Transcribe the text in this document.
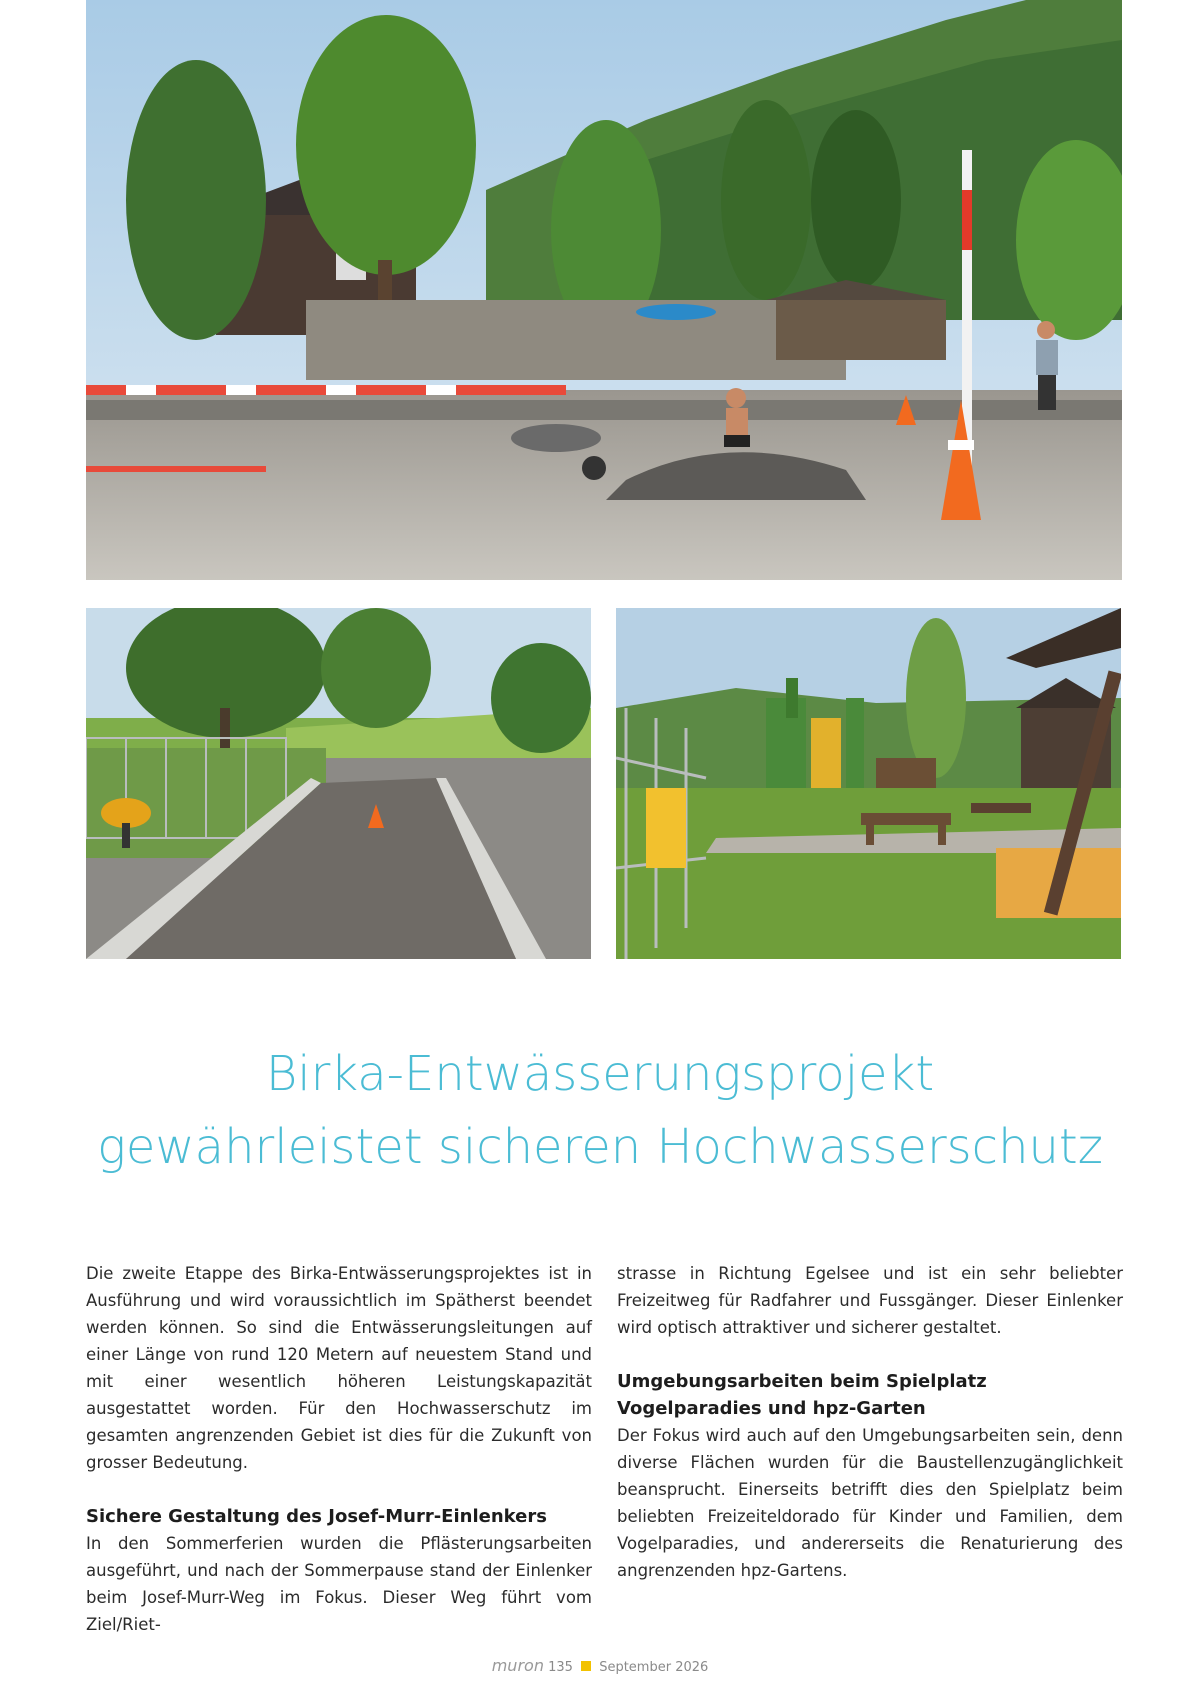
Birka-Entwässerungsprojekt
gewährleistet sicheren Hochwasserschutz

Die zweite Etappe des Birka-Entwässerungsprojektes ist in Ausführung und wird voraussichtlich im Spätherst beendet werden können. So sind die Entwässerungsleitungen auf einer Länge von rund 120 Metern auf neuestem Stand und mit einer wesentlich höheren Leistungskapazität ausgestattet worden. Für den Hochwasserschutz im gesamten angrenzenden Gebiet ist dies für die Zukunft von grosser Bedeutung.

Sichere Gestaltung des Josef-Murr-Einlenkers

In den Sommerferien wurden die Pflästerungsarbeiten ausgeführt, und nach der Sommerpause stand der Einlenker beim Josef-Murr-Weg im Fokus. Dieser Weg führt vom Ziel/Riet-

strasse in Richtung Egelsee und ist ein sehr beliebter Freizeitweg für Radfahrer und Fussgänger. Dieser Einlenker wird optisch attraktiver und sicherer gestaltet.

Umgebungsarbeiten beim Spielplatz Vogelparadies und hpz-Garten

Der Fokus wird auch auf den Umgebungsarbeiten sein, denn diverse Flächen wurden für die Baustellenzugänglichkeit beansprucht. Einerseits betrifft dies den Spielplatz beim beliebten Freizeiteldorado für Kinder und Familien, dem Vogelparadies, und andererseits die Renaturierung des angrenzenden hpz-Gartens.

muron 135 September 2026
